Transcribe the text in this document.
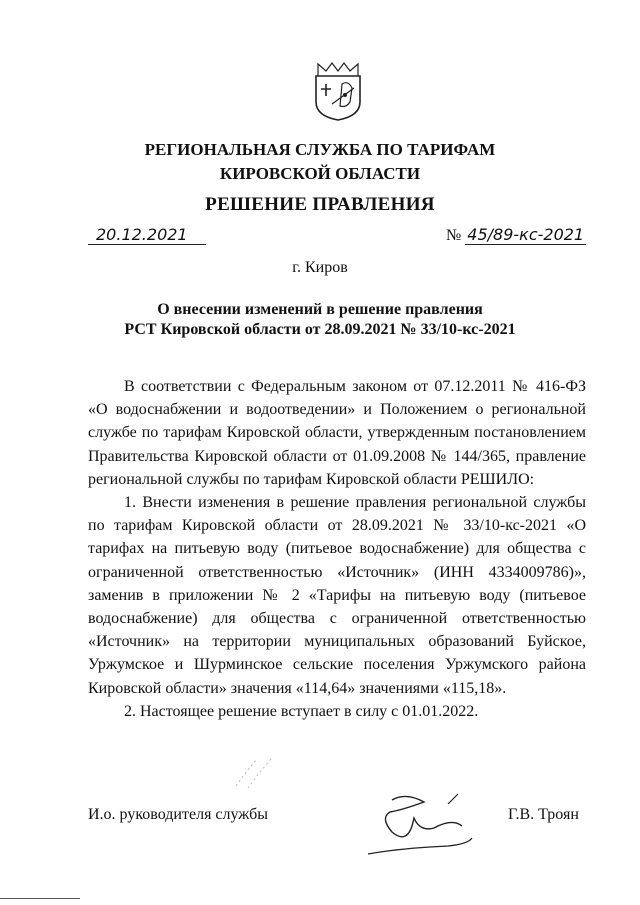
РЕГИОНАЛЬНАЯ СЛУЖБА ПО ТАРИФАМ
КИРОВСКОЙ ОБЛАСТИ
РЕШЕНИЕ ПРАВЛЕНИЯ
20.12.2021	№ 45/89-кс-2021
г. Киров
О внесении изменений в решение правления
РСТ Кировской области от 28.09.2021 № 33/10-кс-2021

В соответствии с Федеральным законом от 07.12.2011 № 416-ФЗ «О водоснабжении и водоотведении» и Положением о региональной службе по тарифам Кировской области, утвержденным постановлением Правительства Кировской области от 01.09.2008 № 144/365, правление региональной службы по тарифам Кировской области РЕШИЛО:

1. Внести изменения в решение правления региональной службы по тарифам Кировской области от 28.09.2021 № 33/10-кс-2021 «О тарифах на питьевую воду (питьевое водоснабжение) для общества с ограниченной ответственностью «Источник» (ИНН 4334009786)», заменив в приложении № 2 «Тарифы на питьевую воду (питьевое водоснабжение) для общества с ограниченной ответственностью «Источник» на территории муниципальных образований Буйское, Уржумское и Шурминское сельские поселения Уржумского района Кировской области» значения «114,64» значениями «115,18».

2. Настоящее решение вступает в силу с 01.01.2022.

И.о. руководителя службы	Г.В. Троян
